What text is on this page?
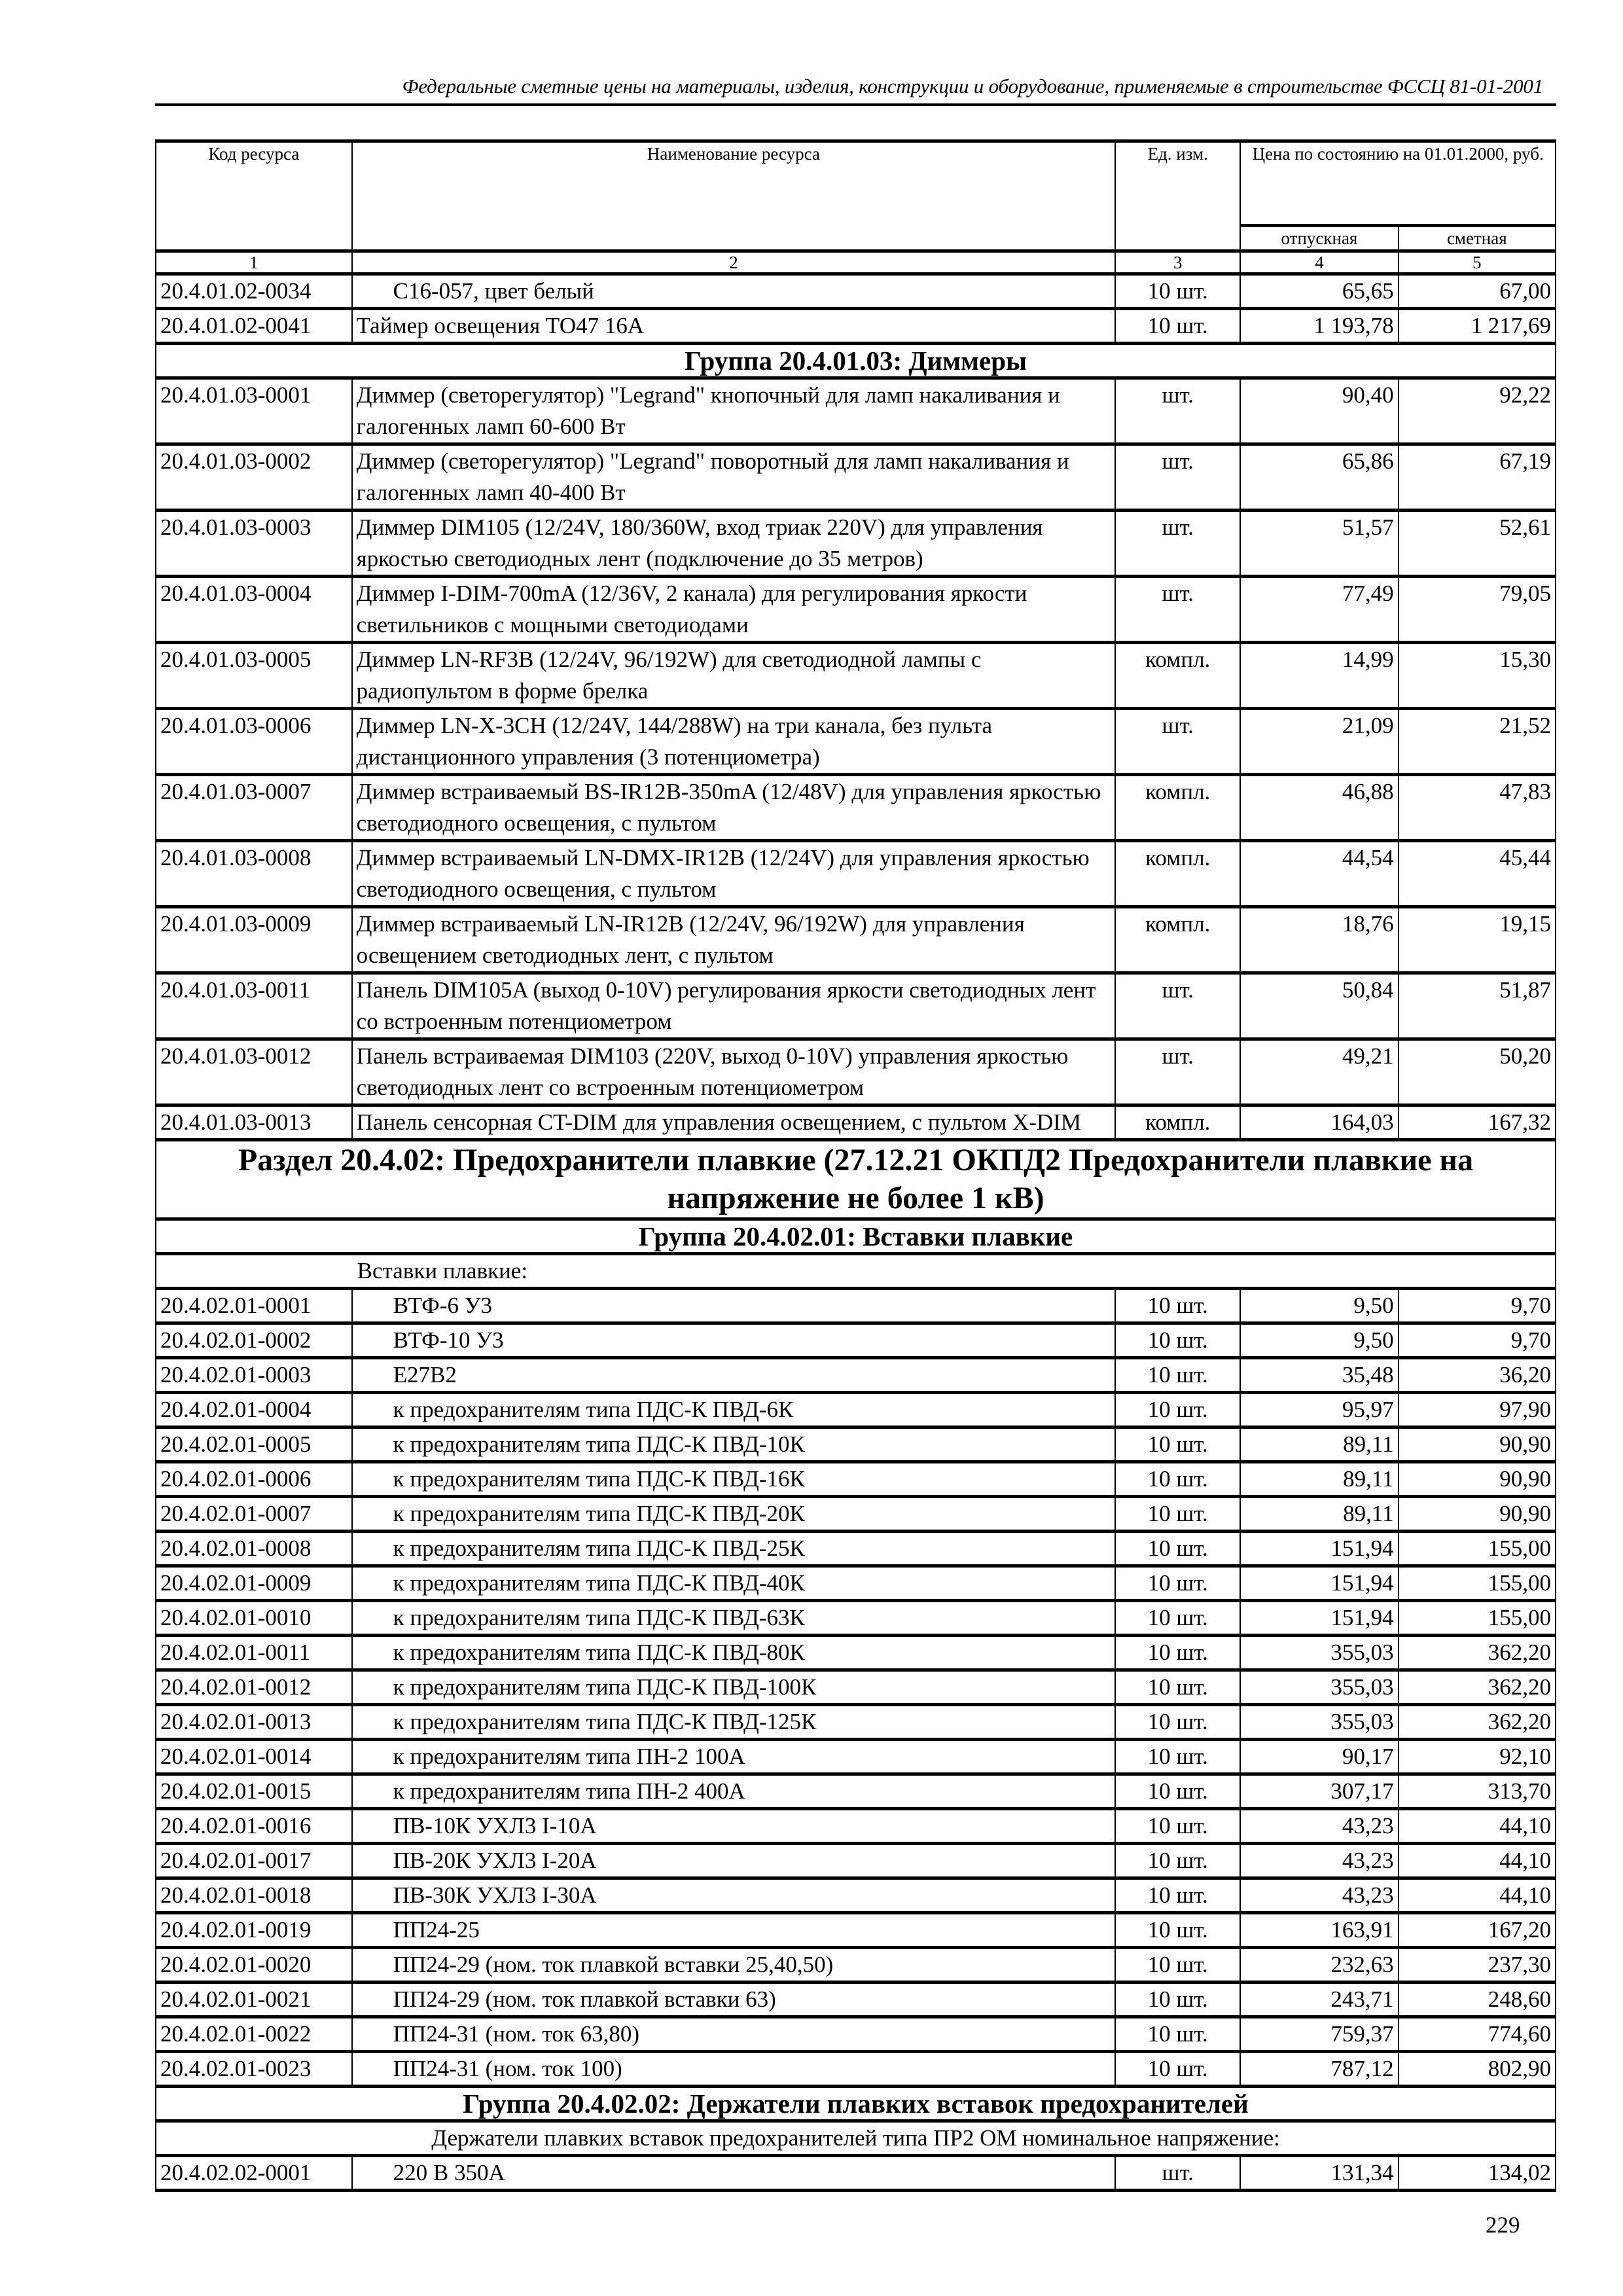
Федеральные сметные цены на материалы, изделия, конструкции и оборудование, применяемые в строительстве ФССЦ 81-01-2001
Код ресурса	Наименование ресурса	Ед. изм.	Цена по состоянию на 01.01.2000, руб.	
			отпускная	сметная
1	2	3	4	5
20.4.01.02-0034	С16-057, цвет белый	10 шт.	65,65	67,00
20.4.01.02-0041	Таймер освещения ТО47 16А	10 шт.	1 193,78	1 217,69
Группа 20.4.01.03: Диммеры				
20.4.01.03-0001	Диммер (светорегулятор) "Legrand" кнопочный для ламп накаливания и галогенных ламп 60-600 Вт	шт.	90,40	92,22
20.4.01.03-0002	Диммер (светорегулятор) "Legrand" поворотный для ламп накаливания и галогенных ламп 40-400 Вт	шт.	65,86	67,19
20.4.01.03-0003	Диммер DIM105 (12/24V, 180/360W, вход триак 220V) для управления яркостью светодиодных лент (подключение до 35 метров)	шт.	51,57	52,61
20.4.01.03-0004	Диммер I-DIM-700mA (12/36V, 2 канала) для регулирования яркости светильников с мощными светодиодами	шт.	77,49	79,05
20.4.01.03-0005	Диммер LN-RF3B (12/24V, 96/192W) для светодиодной лампы с радиопультом в форме брелка	компл.	14,99	15,30
20.4.01.03-0006	Диммер LN-X-3CH (12/24V, 144/288W) на три канала, без пульта дистанционного управления (3 потенциометра)	шт.	21,09	21,52
20.4.01.03-0007	Диммер встраиваемый BS-IR12B-350mA (12/48V) для управления яркостью светодиодного освещения, с пультом	компл.	46,88	47,83
20.4.01.03-0008	Диммер встраиваемый LN-DMX-IR12B (12/24V) для управления яркостью светодиодного освещения, с пультом	компл.	44,54	45,44
20.4.01.03-0009	Диммер встраиваемый LN-IR12B (12/24V, 96/192W) для управления освещением светодиодных лент, с пультом	компл.	18,76	19,15
20.4.01.03-0011	Панель DIM105A (выход 0-10V) регулирования яркости светодиодных лент со встроенным потенциометром	шт.	50,84	51,87
20.4.01.03-0012	Панель встраиваемая DIM103 (220V, выход 0-10V) управления яркостью светодиодных лент со встроенным потенциометром	шт.	49,21	50,20
20.4.01.03-0013	Панель сенсорная CT-DIM для управления освещением, с пультом X-DIM	компл.	164,03	167,32
Раздел 20.4.02: Предохранители плавкие (27.12.21 ОКПД2 Предохранители плавкие на напряжение не более 1 кВ)				
Группа 20.4.02.01: Вставки плавкие				
	Вставки плавкие:			
20.4.02.01-0001	ВТФ-6 У3	10 шт.	9,50	9,70
20.4.02.01-0002	ВТФ-10 У3	10 шт.	9,50	9,70
20.4.02.01-0003	Е27В2	10 шт.	35,48	36,20
20.4.02.01-0004	к предохранителям типа ПДС-К ПВД-6К	10 шт.	95,97	97,90
20.4.02.01-0005	к предохранителям типа ПДС-К ПВД-10К	10 шт.	89,11	90,90
20.4.02.01-0006	к предохранителям типа ПДС-К ПВД-16К	10 шт.	89,11	90,90
20.4.02.01-0007	к предохранителям типа ПДС-К ПВД-20К	10 шт.	89,11	90,90
20.4.02.01-0008	к предохранителям типа ПДС-К ПВД-25К	10 шт.	151,94	155,00
20.4.02.01-0009	к предохранителям типа ПДС-К ПВД-40К	10 шт.	151,94	155,00
20.4.02.01-0010	к предохранителям типа ПДС-К ПВД-63К	10 шт.	151,94	155,00
20.4.02.01-0011	к предохранителям типа ПДС-К ПВД-80К	10 шт.	355,03	362,20
20.4.02.01-0012	к предохранителям типа ПДС-К ПВД-100К	10 шт.	355,03	362,20
20.4.02.01-0013	к предохранителям типа ПДС-К ПВД-125К	10 шт.	355,03	362,20
20.4.02.01-0014	к предохранителям типа ПН-2 100А	10 шт.	90,17	92,10
20.4.02.01-0015	к предохранителям типа ПН-2 400А	10 шт.	307,17	313,70
20.4.02.01-0016	ПВ-10К УХЛ3 I-10А	10 шт.	43,23	44,10
20.4.02.01-0017	ПВ-20К УХЛ3 I-20А	10 шт.	43,23	44,10
20.4.02.01-0018	ПВ-30К УХЛ3 I-30А	10 шт.	43,23	44,10
20.4.02.01-0019	ПП24-25	10 шт.	163,91	167,20
20.4.02.01-0020	ПП24-29 (ном. ток плавкой вставки 25,40,50)	10 шт.	232,63	237,30
20.4.02.01-0021	ПП24-29 (ном. ток плавкой вставки 63)	10 шт.	243,71	248,60
20.4.02.01-0022	ПП24-31 (ном. ток 63,80)	10 шт.	759,37	774,60
20.4.02.01-0023	ПП24-31 (ном. ток 100)	10 шт.	787,12	802,90
Группа 20.4.02.02: Держатели плавких вставок предохранителей				
Держатели плавких вставок предохранителей типа ПР2 ОМ номинальное напряжение:				
20.4.02.02-0001	220 В 350А	шт.	131,34	134,02
229
